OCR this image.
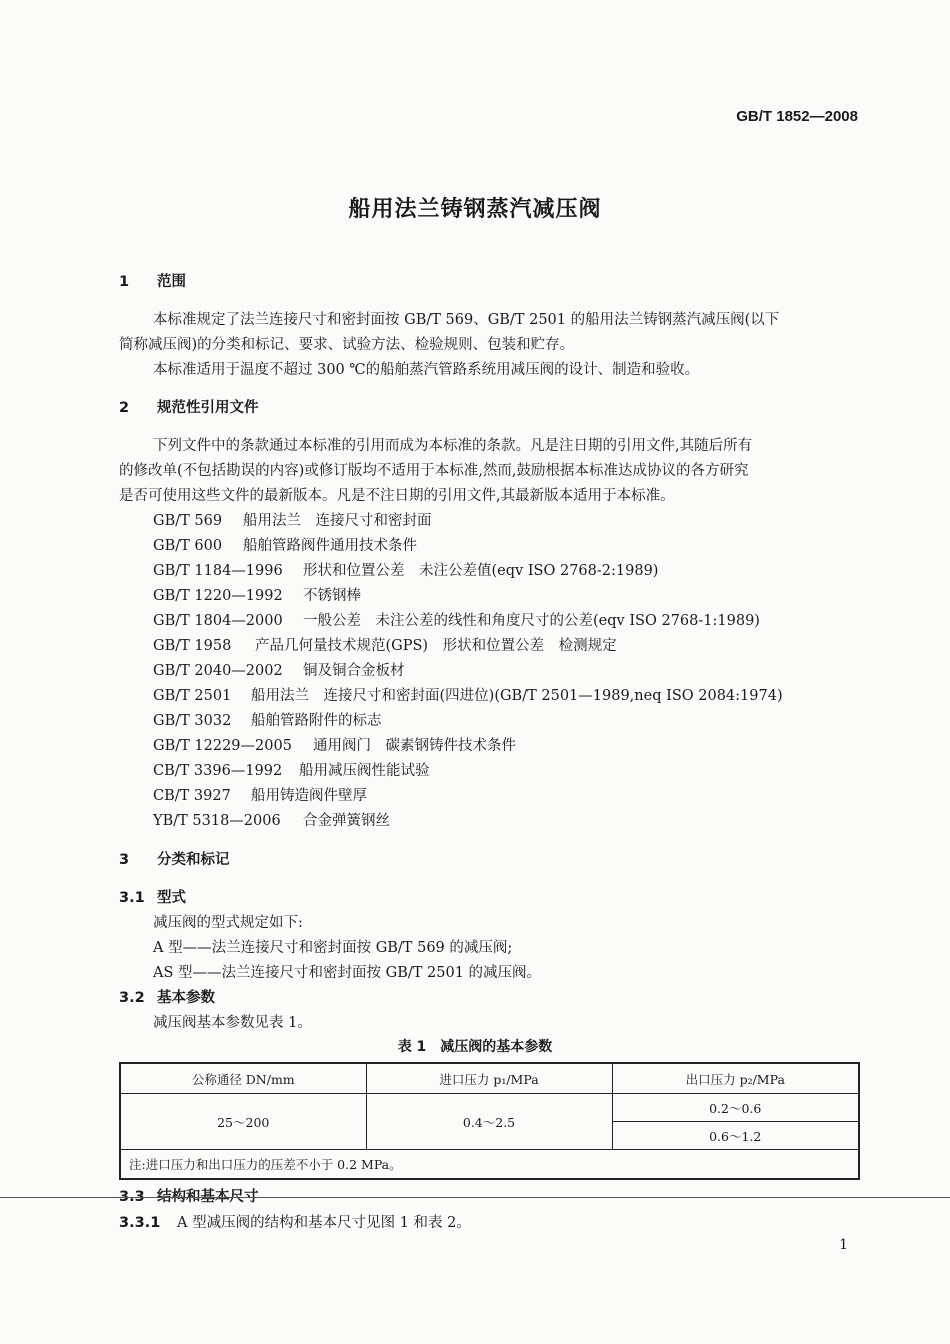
GB/T 1852—2008
船用法兰铸钢蒸汽减压阀
1 范围
本标准规定了法兰连接尺寸和密封面按 GB/T 569、GB/T 2501 的船用法兰铸钢蒸汽减压阀(以下
简称减压阀)的分类和标记、要求、试验方法、检验规则、包装和贮存。
本标准适用于温度不超过 300 ℃的船舶蒸汽管路系统用减压阀的设计、制造和验收。
2 规范性引用文件
下列文件中的条款通过本标准的引用而成为本标准的条款。凡是注日期的引用文件,其随后所有
的修改单(不包括勘误的内容)或修订版均不适用于本标准,然而,鼓励根据本标准达成协议的各方研究
是否可使用这些文件的最新版本。凡是不注日期的引用文件,其最新版本适用于本标准。
GB/T 569 船用法兰　连接尺寸和密封面
GB/T 600 船舶管路阀件通用技术条件
GB/T 1184—1996 形状和位置公差　未注公差值(eqv ISO 2768-2:1989)
GB/T 1220—1992 不锈钢棒
GB/T 1804—2000 一般公差　未注公差的线性和角度尺寸的公差(eqv ISO 2768-1:1989)
GB/T 1958 产品几何量技术规范(GPS)　形状和位置公差　检测规定
GB/T 2040—2002 铜及铜合金板材
GB/T 2501 船用法兰　连接尺寸和密封面(四进位)(GB/T 2501—1989,neq ISO 2084:1974)
GB/T 3032 船舶管路附件的标志
GB/T 12229—2005 通用阀门　碳素钢铸件技术条件
CB/T 3396—1992 船用减压阀性能试验
CB/T 3927 船用铸造阀件壁厚
YB/T 5318—2006 合金弹簧钢丝
3 分类和标记
3.1 型式
减压阀的型式规定如下:
A 型——法兰连接尺寸和密封面按 GB/T 569 的减压阀;
AS 型——法兰连接尺寸和密封面按 GB/T 2501 的减压阀。
3.2 基本参数
减压阀基本参数见表 1。
表 1　减压阀的基本参数
公称通径 DN/mm	进口压力 p₁/MPa	出口压力 p₂/MPa
25～200	0.4～2.5	0.2～0.6
		0.6～1.2
注:进口压力和出口压力的压差不小于 0.2 MPa。		
3.3 结构和基本尺寸
3.3.1 A 型减压阀的结构和基本尺寸见图 1 和表 2。
1
